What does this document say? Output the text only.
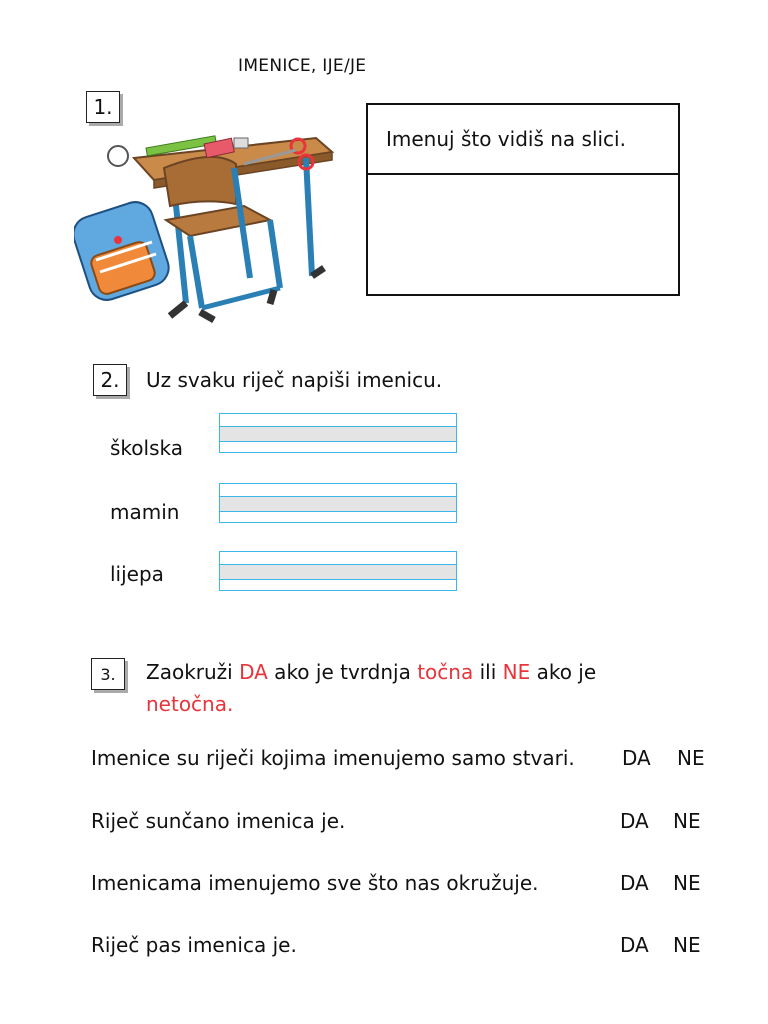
IMENICE, IJE/JE
1.
Imenuj što vidiš na slici.
2.	Uz svaku riječ napiši imenicu.
školska
mamin
lijepa
3.	Zaokruži DA ako je tvrdnja točna ili NE ako je
netočna.
Imenice su riječi kojima imenujemo samo stvari. DA NE
Riječ sunčano imenica je.	DA NE
Imenicama imenujemo sve što nas okružuje.	DA NE
Riječ pas imenica je.	DA NE
